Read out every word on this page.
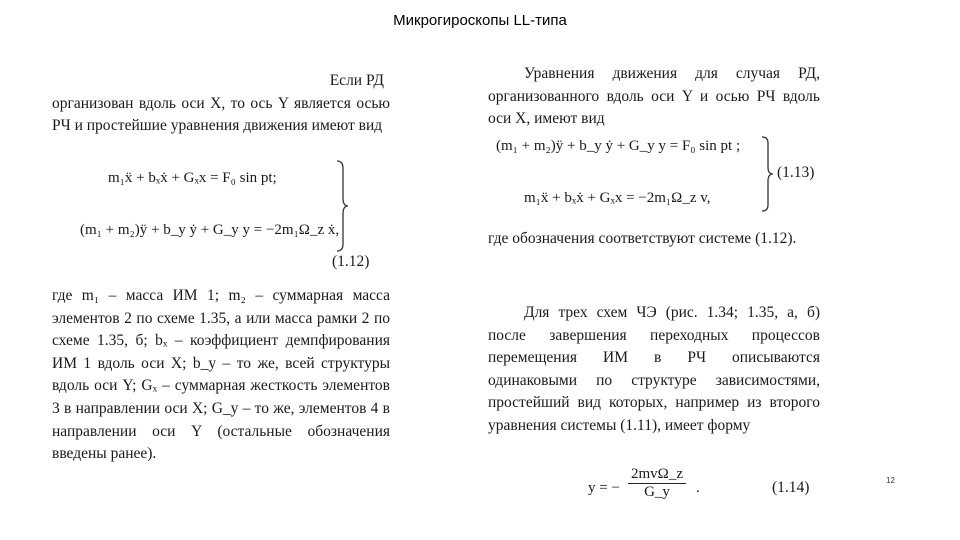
Микрогироскопы LL-типа
Если РД

организован вдоль оси X, то ось Y является осью РЧ и простейшие уравнения движения имеют вид

m₁ẍ + bₓẋ + Gₓx = F₀ sin pt;
(m₁ + m₂)ÿ + b_y ẏ + G_y y = −2m₁Ω_z ẋ,
(1.12)

где m₁ – масса ИМ 1; m₂ – суммарная масса элементов 2 по схеме 1.35, а или масса рамки 2 по схеме 1.35, б; bₓ – коэффициент демпфирования ИМ 1 вдоль оси X; b_y – то же, всей структуры вдоль оси Y; Gₓ – суммарная жесткость элементов 3 в направлении оси X; G_y – то же, элементов 4 в направлении оси Y (остальные обозначения введены ранее).

Уравнения движения для случая РД, организованного вдоль оси Y и осью РЧ вдоль оси X, имеют вид

(m₁ + m₂)ÿ + b_y ẏ + G_y y = F₀ sin pt ;
m₁ẍ + bₓẋ + Gₓx = −2m₁Ω_z v,
(1.13)

где обозначения соответствуют системе (1.12).

Для трех схем ЧЭ (рис. 1.34; 1.35, а, б) после завершения переходных процессов перемещения ИМ в РЧ описываются одинаковыми по структуре зависимостями, простейший вид которых, например из второго уравнения системы (1.11), имеет форму

y = −
2mvΩ_z
G_y	.	(1.14)	12
